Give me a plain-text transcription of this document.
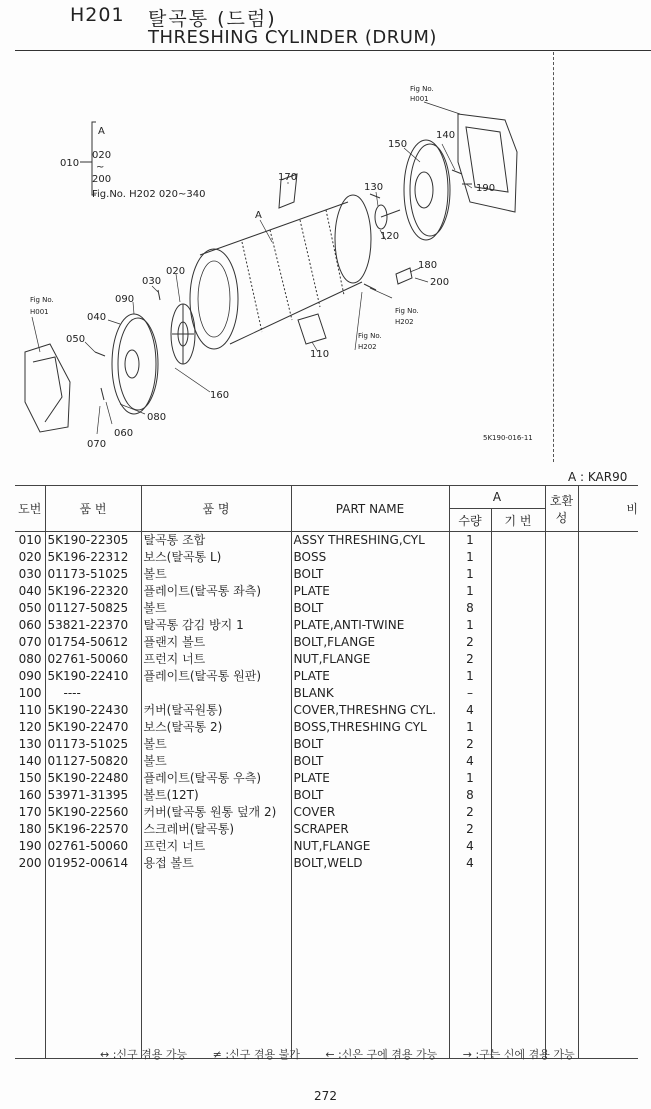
H201 탈곡통 (드럼)
THRESHING CYLINDER (DRUM)
A
020
~
200
Fig.No. H202 020~340
010
Fig No.
H001
Fig No.
H001	Fig No.
H202
Fig No.
H202
A
020
030
090
040
050
080
060
070
160
110
120
130
140
150
170
180
190
200
5K190-016-11
A : KAR90
도번	품 번	품 명	PART NAME	A		호환성	비
				수량	기 번		
010	5K190-22305	탈곡통 조합	ASSY THRESHING,CYL	1			
020	5K196-22312	보스(탈곡통 L)	BOSS	1			
030	01173-51025	볼트	BOLT	1			
040	5K196-22320	플레이트(탈곡통 좌측)	PLATE	1			
050	01127-50825	볼트	BOLT	8			
060	53821-22370	탈곡통 감김 방지 1	PLATE,ANTI-TWINE	1			
070	01754-50612	플랜지 볼트	BOLT,FLANGE	2			
080	02761-50060	프런지 너트	NUT,FLANGE	2			
090	5K190-22410	플레이트(탈곡통 원판)	PLATE	1			
100	----		BLANK	–			
110	5K190-22430	커버(탈곡원통)	COVER,THRESHNG CYL.	4			
120	5K190-22470	보스(탈곡통 2)	BOSS,THRESHING CYL	1			
130	01173-51025	볼트	BOLT	2			
140	01127-50820	볼트	BOLT	4			
150	5K190-22480	플레이트(탈곡통 우측)	PLATE	1			
160	53971-31395	볼트(12T)	BOLT	8			
170	5K190-22560	커버(탈곡통 원통 덮개 2)	COVER	2			
180	5K196-22570	스크레버(탈곡통)	SCRAPER	2			
190	02761-50060	프런지 너트	NUT,FLANGE	4			
200	01952-00614	용접 볼트	BOLT,WELD	4			

↔ :신구 겸용 가능 ≠ :신구 겸용 불가 ← :신은 구에 겸용 가능 → :구는 신에 겸용 가능
272
